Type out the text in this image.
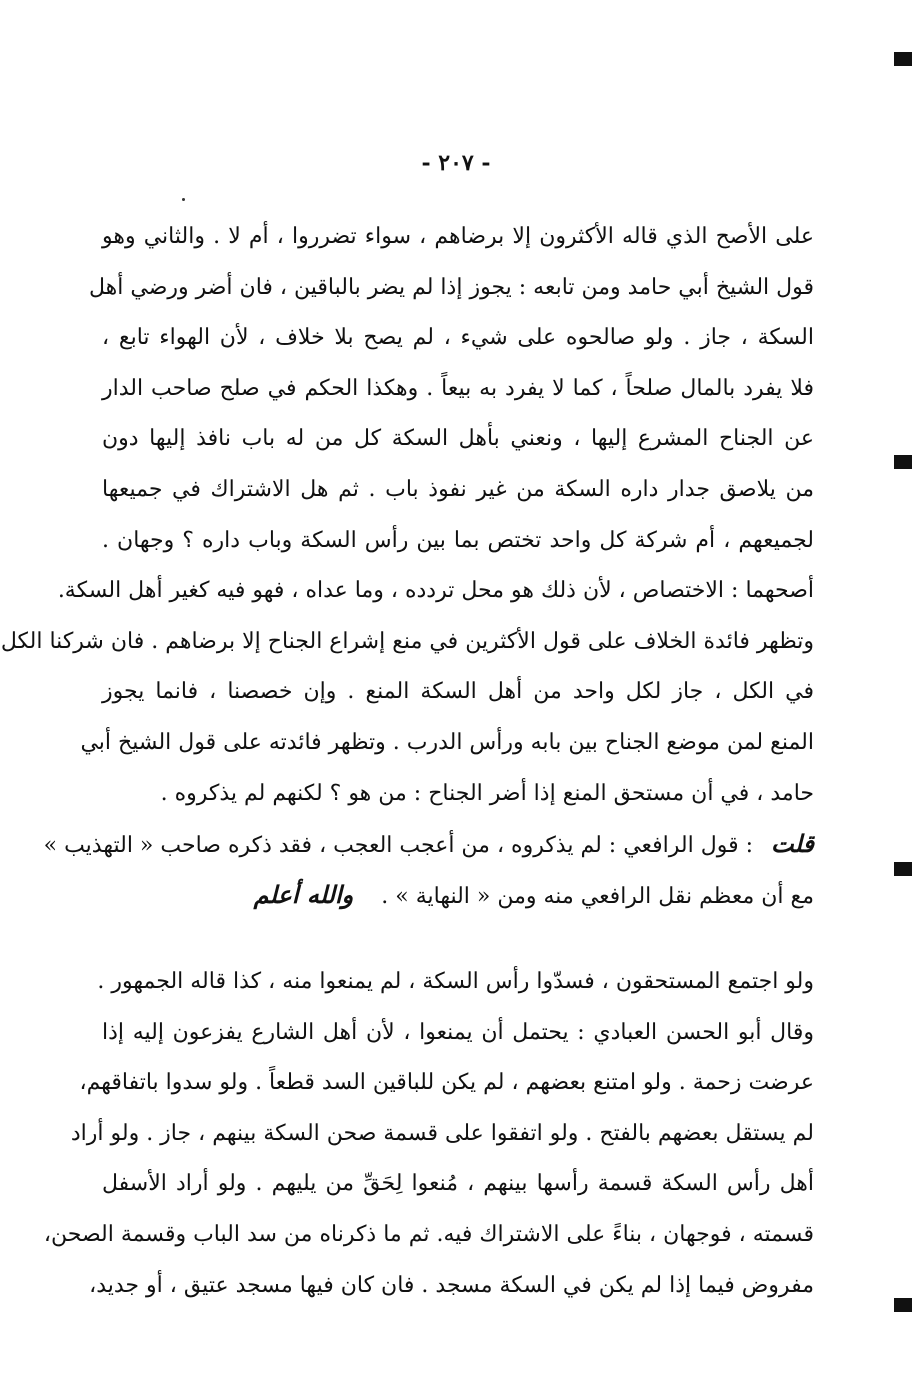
- ٢٠٧ -
على الأصح الذي قاله الأكثرون إلا برضاهم ، سواء تضرروا ، أم لا . والثاني وهو
قول الشيخ أبي حامد ومن تابعه : يجوز إذا لم يضر بالباقين ، فان أضر ورضي أهل
السكة ، جاز . ولو صالحوه على شيء ، لم يصح بلا خلاف ، لأن الهواء تابع ،
فلا يفرد بالمال صلحاً ، كما لا يفرد به بيعاً . وهكذا الحكم في صلح صاحب الدار
عن الجناح المشرع إليها ، ونعني بأهل السكة كل من له باب نافذ إليها دون
من يلاصق جدار داره السكة من غير نفوذ باب . ثم هل الاشتراك في جميعها
لجميعهم ، أم شركة كل واحد تختص بما بين رأس السكة وباب داره ؟ وجهان .
أصحهما : الاختصاص ، لأن ذلك هو محل تردده ، وما عداه ، فهو فيه كغير أهل السكة.
وتظهر فائدة الخلاف على قول الأكثرين في منع إشراع الجناح إلا برضاهم . فان شركنا الكل
في الكل ، جاز لكل واحد من أهل السكة المنع . وإن خصصنا ، فانما يجوز
المنع لمن موضع الجناح بين بابه ورأس الدرب . وتظهر فائدته على قول الشيخ أبي
حامد ، في أن مستحق المنع إذا أضر الجناح : من هو ؟ لكنهم لم يذكروه .
قلت: قول الرافعي : لم يذكروه ، من أعجب العجب ، فقد ذكره صاحب « التهذيب »
مع أن معظم نقل الرافعي منه ومن « النهاية » .والله أعلم
ولو اجتمع المستحقون ، فسدّوا رأس السكة ، لم يمنعوا منه ، كذا قاله الجمهور .
وقال أبو الحسن العبادي : يحتمل أن يمنعوا ، لأن أهل الشارع يفزعون إليه إذا
عرضت زحمة . ولو امتنع بعضهم ، لم يكن للباقين السد قطعاً . ولو سدوا باتفاقهم،
لم يستقل بعضهم بالفتح . ولو اتفقوا على قسمة صحن السكة بينهم ، جاز . ولو أراد
أهل رأس السكة قسمة رأسها بينهم ، مُنعوا لِحَقِّ من يليهم . ولو أراد الأسفل
قسمته ، فوجهان ، بناءً على الاشتراك فيه. ثم ما ذكرناه من سد الباب وقسمة الصحن،
مفروض فيما إذا لم يكن في السكة مسجد . فان كان فيها مسجد عتيق ، أو جديد،
